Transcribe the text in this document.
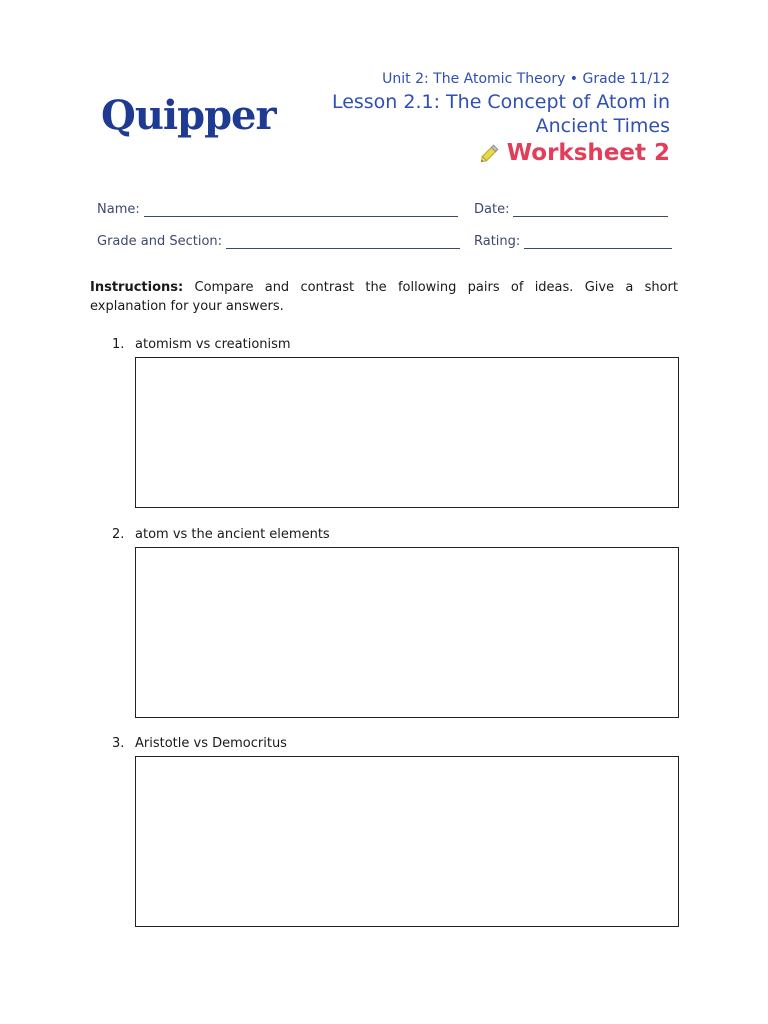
Quipper
Unit 2: The Atomic Theory • Grade 11/12
Lesson 2.1: The Concept of Atom in Ancient Times
Worksheet 2
Name:	Date:
Grade and Section:	Rating:
Instructions: Compare and contrast the following pairs of ideas. Give a short explanation for your answers.
1. atomism vs creationism
2. atom vs the ancient elements
3. Aristotle vs Democritus
